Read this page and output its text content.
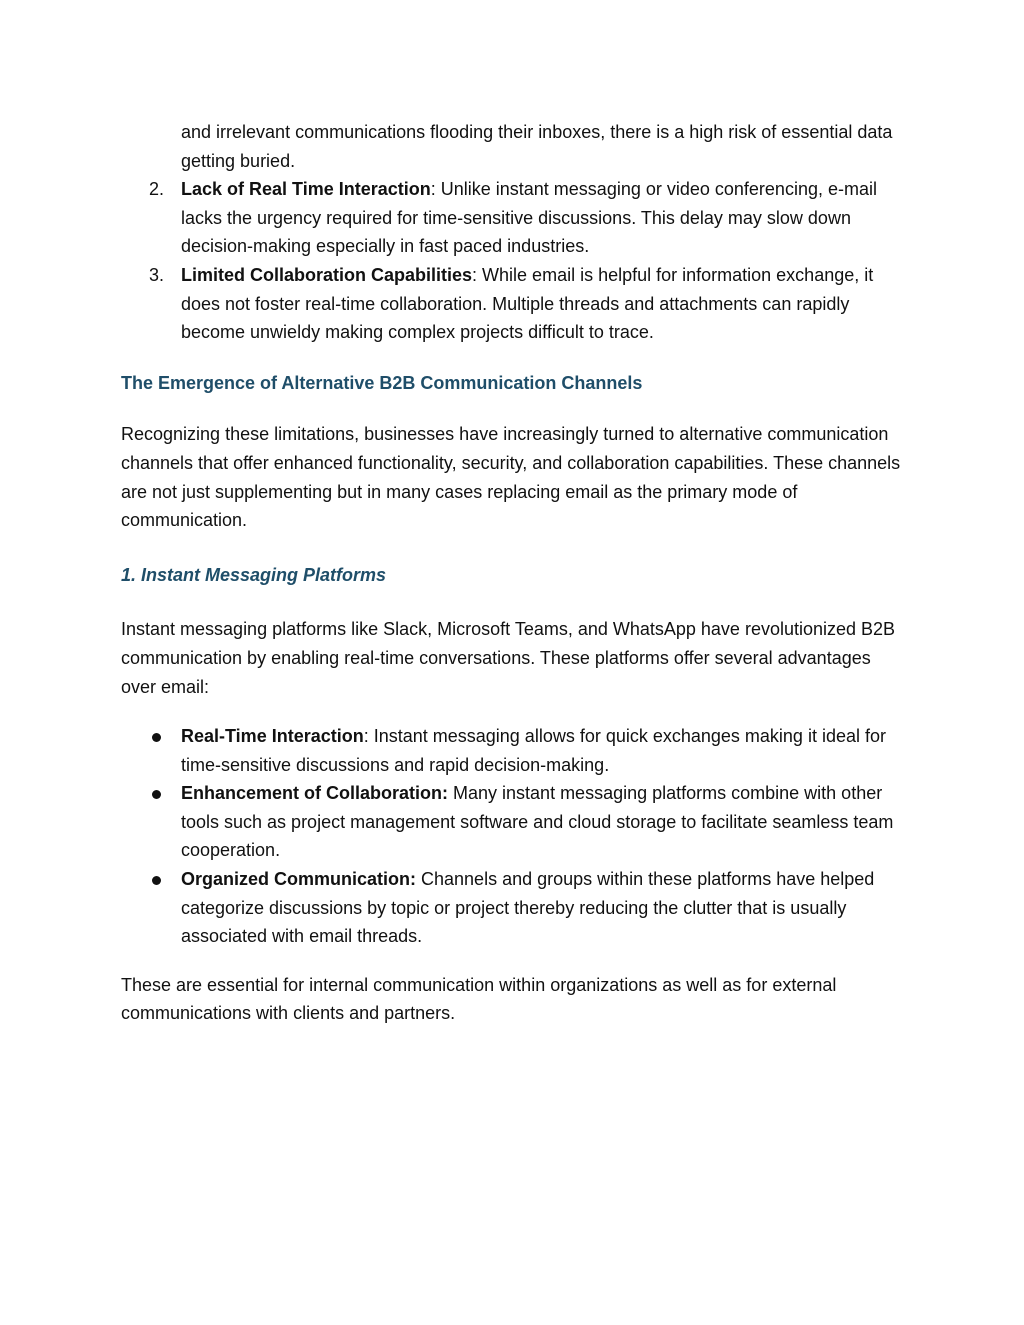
and irrelevant communications flooding their inboxes, there is a high risk of essential data getting buried.

2. Lack of Real Time Interaction: Unlike instant messaging or video conferencing, e-mail lacks the urgency required for time-sensitive discussions. This delay may slow down decision-making especially in fast paced industries.
3. Limited Collaboration Capabilities: While email is helpful for information exchange, it does not foster real-time collaboration. Multiple threads and attachments can rapidly become unwieldy making complex projects difficult to trace.

The Emergence of Alternative B2B Communication Channels

Recognizing these limitations, businesses have increasingly turned to alternative communication channels that offer enhanced functionality, security, and collaboration capabilities. These channels are not just supplementing but in many cases replacing email as the primary mode of communication.

1. Instant Messaging Platforms

Instant messaging platforms like Slack, Microsoft Teams, and WhatsApp have revolutionized B2B communication by enabling real-time conversations. These platforms offer several advantages over email:

Real-Time Interaction: Instant messaging allows for quick exchanges making it ideal for time-sensitive discussions and rapid decision-making.
Enhancement of Collaboration: Many instant messaging platforms combine with other tools such as project management software and cloud storage to facilitate seamless team cooperation.
Organized Communication: Channels and groups within these platforms have helped categorize discussions by topic or project thereby reducing the clutter that is usually associated with email threads.

These are essential for internal communication within organizations as well as for external communications with clients and partners.
